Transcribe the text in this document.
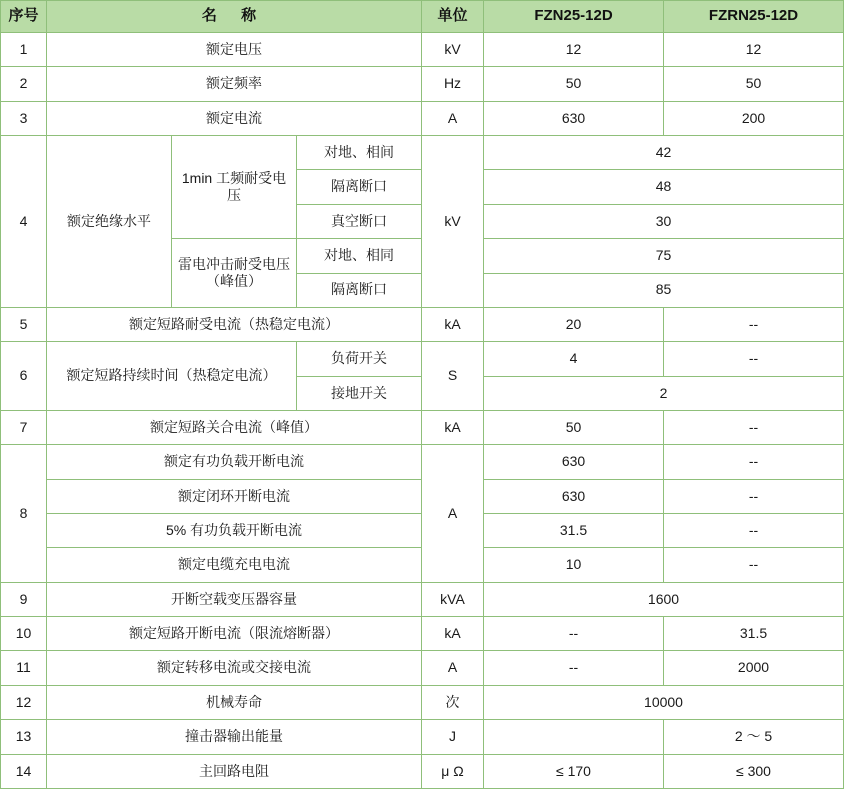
序号	名 称			单位	FZN25-12D	FZRN25-12D
1	额定电压			kV	12	12
2	额定频率			Hz	50	50
3	额定电流			A	630	200
4	额定绝缘水平	1min 工频耐受电压	对地、相间	kV	42	
			隔离断口		48	
			真空断口		30	
		雷电冲击耐受电压（峰值）	对地、相同		75	
			隔离断口		85	
5	额定短路耐受电流（热稳定电流）			kA	20	--
6	额定短路持续时间（热稳定电流）		负荷开关	S	4	--
			接地开关		2	
7	额定短路关合电流（峰值）			kA	50	--
8	额定有功负载开断电流			A	630	--
	额定闭环开断电流				630	--
	5% 有功负载开断电流				31.5	--
	额定电缆充电电流				10	--
9	开断空载变压器容量			kVA	1600	
10	额定短路开断电流（限流熔断器）			kA	--	31.5
11	额定转移电流或交接电流			A	--	2000
12	机械寿命			次	10000	
13	撞击器输出能量			J		2 ～ 5
14	主回路电阻			μ Ω	≤ 170	≤ 300
